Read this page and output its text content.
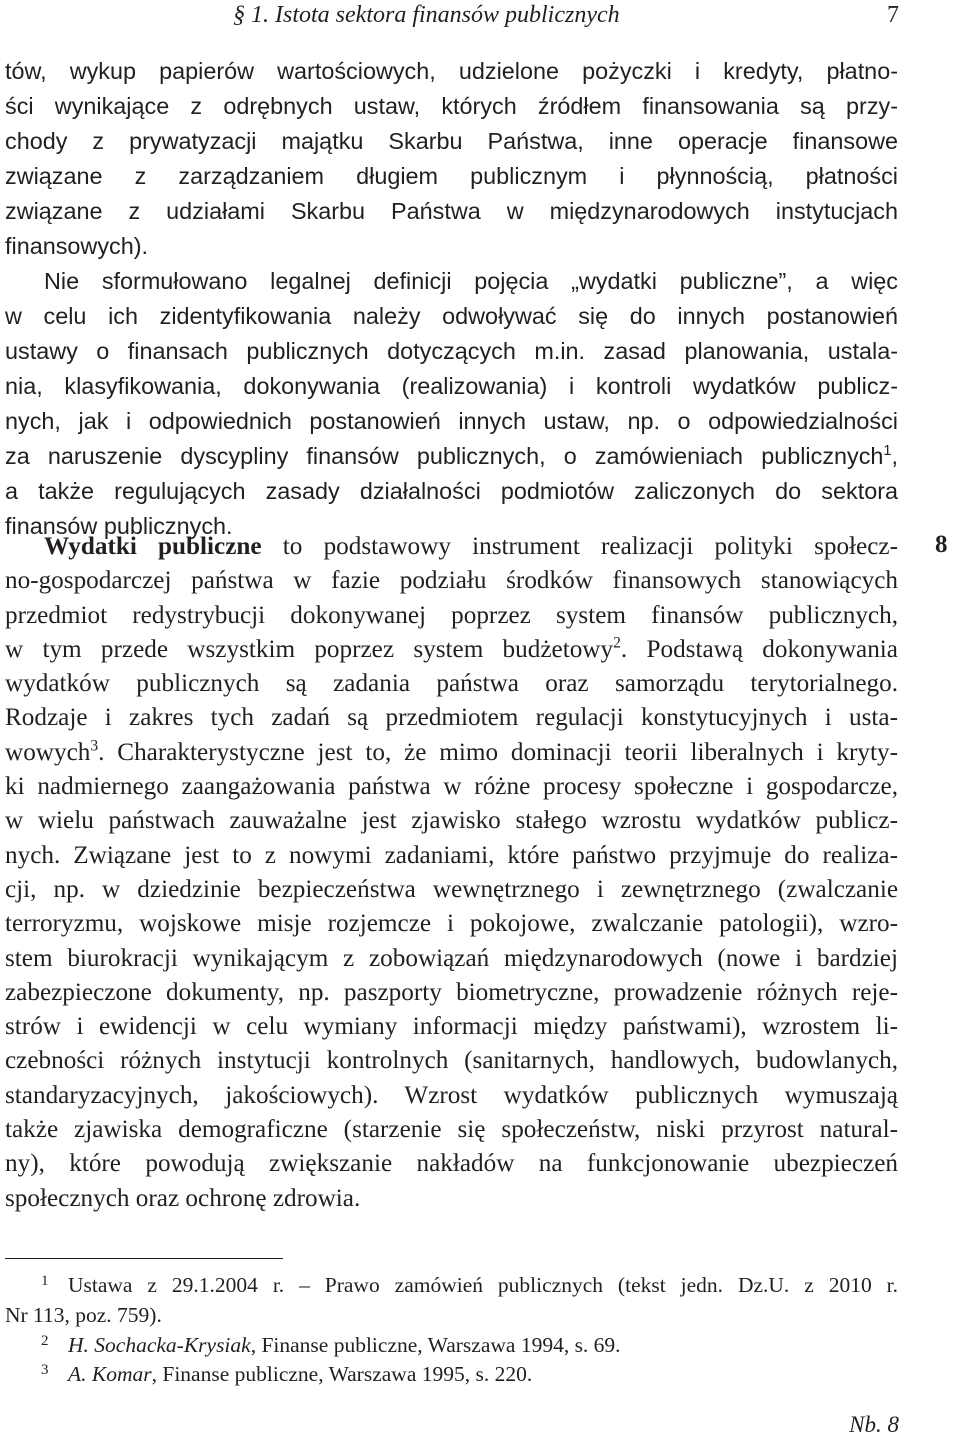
§ 1. Istota sektora finansów publicznych	7
tów, wykup papierów wartościowych, udzielone pożyczki i kredyty, płatno-
ści wynikające z odrębnych ustaw, których źródłem finansowania są przy-
chody z prywatyzacji majątku Skarbu Państwa, inne operacje finansowe
związane z zarządzaniem długiem publicznym i płynnością, płatności
związane z udziałami Skarbu Państwa w międzynarodowych instytucjach
finansowych).
Nie sformułowano legalnej definicji pojęcia „wydatki publiczne”, a więc
w celu ich zidentyfikowania należy odwoływać się do innych postanowień
ustawy o finansach publicznych dotyczących m.in. zasad planowania, ustala-
nia, klasyfikowania, dokonywania (realizowania) i kontroli wydatków publicz-
nych, jak i odpowiednich postanowień innych ustaw, np. o odpowiedzialności
za naruszenie dyscypliny finansów publicznych, o zamówieniach publicznych$^1$,
a także regulujących zasady działalności podmiotów zaliczonych do sektora
finansów publicznych.
Wydatki publiczne to podstawowy instrument realizacji polityki społecz-
no-gospodarczej państwa w fazie podziału środków finansowych stanowiących
przedmiot redystrybucji dokonywanej poprzez system finansów publicznych,
w tym przede wszystkim poprzez system budżetowy$^2$. Podstawą dokonywania
wydatków publicznych są zadania państwa oraz samorządu terytorialnego.
Rodzaje i zakres tych zadań są przedmiotem regulacji konstytucyjnych i usta-
wowych$^3$. Charakterystyczne jest to, że mimo dominacji teorii liberalnych i kryty-
ki nadmiernego zaangażowania państwa w różne procesy społeczne i gospodarcze,
w wielu państwach zauważalne jest zjawisko stałego wzrostu wydatków publicz-
nych. Związane jest to z nowymi zadaniami, które państwo przyjmuje do realiza-
cji, np. w dziedzinie bezpieczeństwa wewnętrznego i zewnętrznego (zwalczanie
terroryzmu, wojskowe misje rozjemcze i pokojowe, zwalczanie patologii), wzro-
stem biurokracji wynikającym z zobowiązań międzynarodowych (nowe i bardziej
zabezpieczone dokumenty, np. paszporty biometryczne, prowadzenie różnych reje-
strów i ewidencji w celu wymiany informacji między państwami), wzrostem li-
czebności różnych instytucji kontrolnych (sanitarnych, handlowych, budowlanych,
standaryzacyjnych, jakościowych). Wzrost wydatków publicznych wymuszają
także zjawiska demograficzne (starzenie się społeczeństw, niski przyrost natural-
ny), które powodują zwiększanie nakładów na funkcjonowanie ubezpieczeń
społecznych oraz ochronę zdrowia.
8
1 Ustawa z 29.1.2004 r. – Prawo zamówień publicznych (tekst jedn. Dz.U. z 2010 r.
Nr 113, poz. 759).
2 H. Sochacka-Krysiak, Finanse publiczne, Warszawa 1994, s. 69.
3 A. Komar, Finanse publiczne, Warszawa 1995, s. 220.
Nb. 8
